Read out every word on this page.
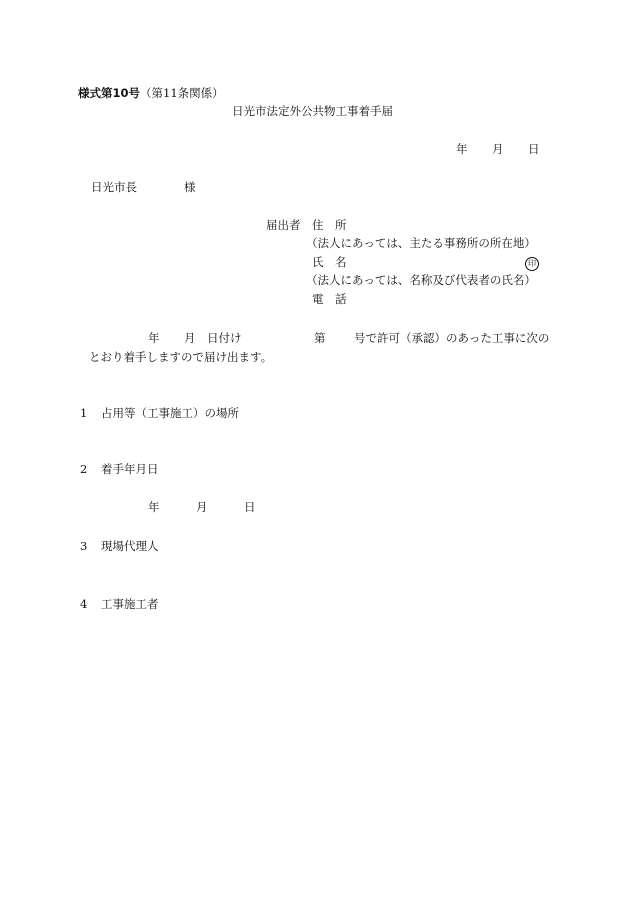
様式第10号（第11条関係）
日光市法定外公共物工事着手届
年 月 日
日光市長	様
届出者 住　所
（法人にあっては、主たる事務所の所在地）
氏　名	印
（法人にあっては、名称及び代表者の氏名）
電　話
年 月 日付け	第 号で許可（承認）のあった工事に次の
とおり着手しますので届け出ます。
1 占用等（工事施工）の場所
2 着手年月日
年	月	日
3 現場代理人
4 工事施工者
